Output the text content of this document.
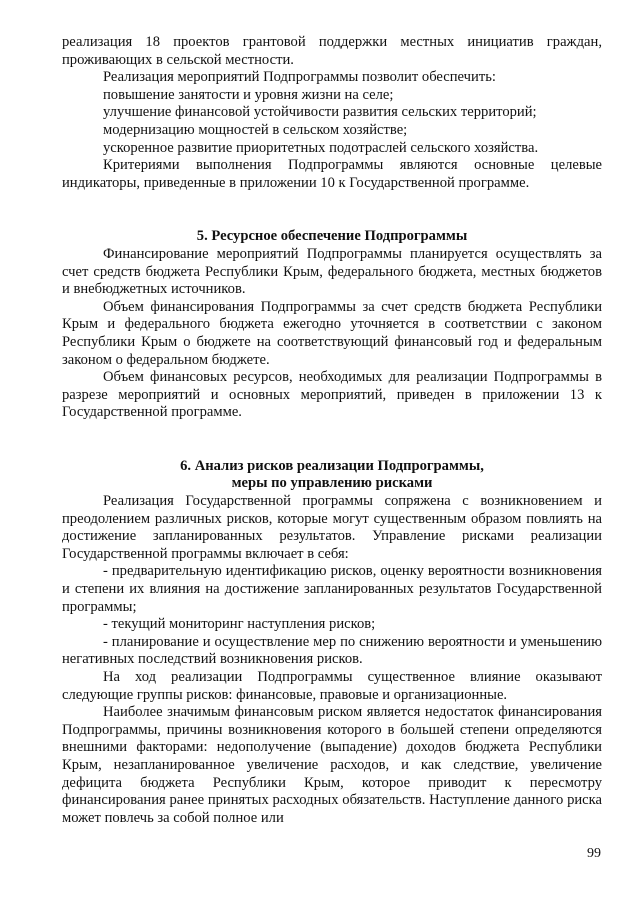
реализация 18 проектов грантовой поддержки местных инициатив граждан, проживающих в сельской местности.

Реализация мероприятий Подпрограммы позволит обеспечить:

повышение занятости и уровня жизни на селе;

улучшение финансовой устойчивости развития сельских территорий;

модернизацию мощностей в сельском хозяйстве;

ускоренное развитие приоритетных подотраслей сельского хозяйства.

Критериями выполнения Подпрограммы являются основные целевые индикаторы, приведенные в приложении 10 к Государственной программе.

5. Ресурсное обеспечение Подпрограммы

Финансирование мероприятий Подпрограммы планируется осуществлять за счет средств бюджета Республики Крым, федерального бюджета, местных бюджетов и внебюджетных источников.

Объем финансирования Подпрограммы за счет средств бюджета Республики Крым и федерального бюджета ежегодно уточняется в соответствии с законом Республики Крым о бюджете на соответствующий финансовый год и федеральным законом о федеральном бюджете.

Объем финансовых ресурсов, необходимых для реализации Подпрограммы в разрезе мероприятий и основных мероприятий, приведен в приложении 13 к Государственной программе.

6. Анализ рисков реализации Подпрограммы,

меры по управлению рисками

Реализация Государственной программы сопряжена с возникновением и преодолением различных рисков, которые могут существенным образом повлиять на достижение запланированных результатов. Управление рисками реализации Государственной программы включает в себя:

- предварительную идентификацию рисков, оценку вероятности возникновения и степени их влияния на достижение запланированных результатов Государственной программы;

- текущий мониторинг наступления рисков;

- планирование и осуществление мер по снижению вероятности и уменьшению негативных последствий возникновения рисков.

На ход реализации Подпрограммы существенное влияние оказывают следующие группы рисков: финансовые, правовые и организационные.

Наиболее значимым финансовым риском является недостаток финансирования Подпрограммы, причины возникновения которого в большей степени определяются внешними факторами: недополучение (выпадение) доходов бюджета Республики Крым, незапланированное увеличение расходов, и как следствие, увеличение дефицита бюджета Республики Крым, которое приводит к пересмотру финансирования ранее принятых расходных обязательств. Наступление данного риска может повлечь за собой полное или

99
